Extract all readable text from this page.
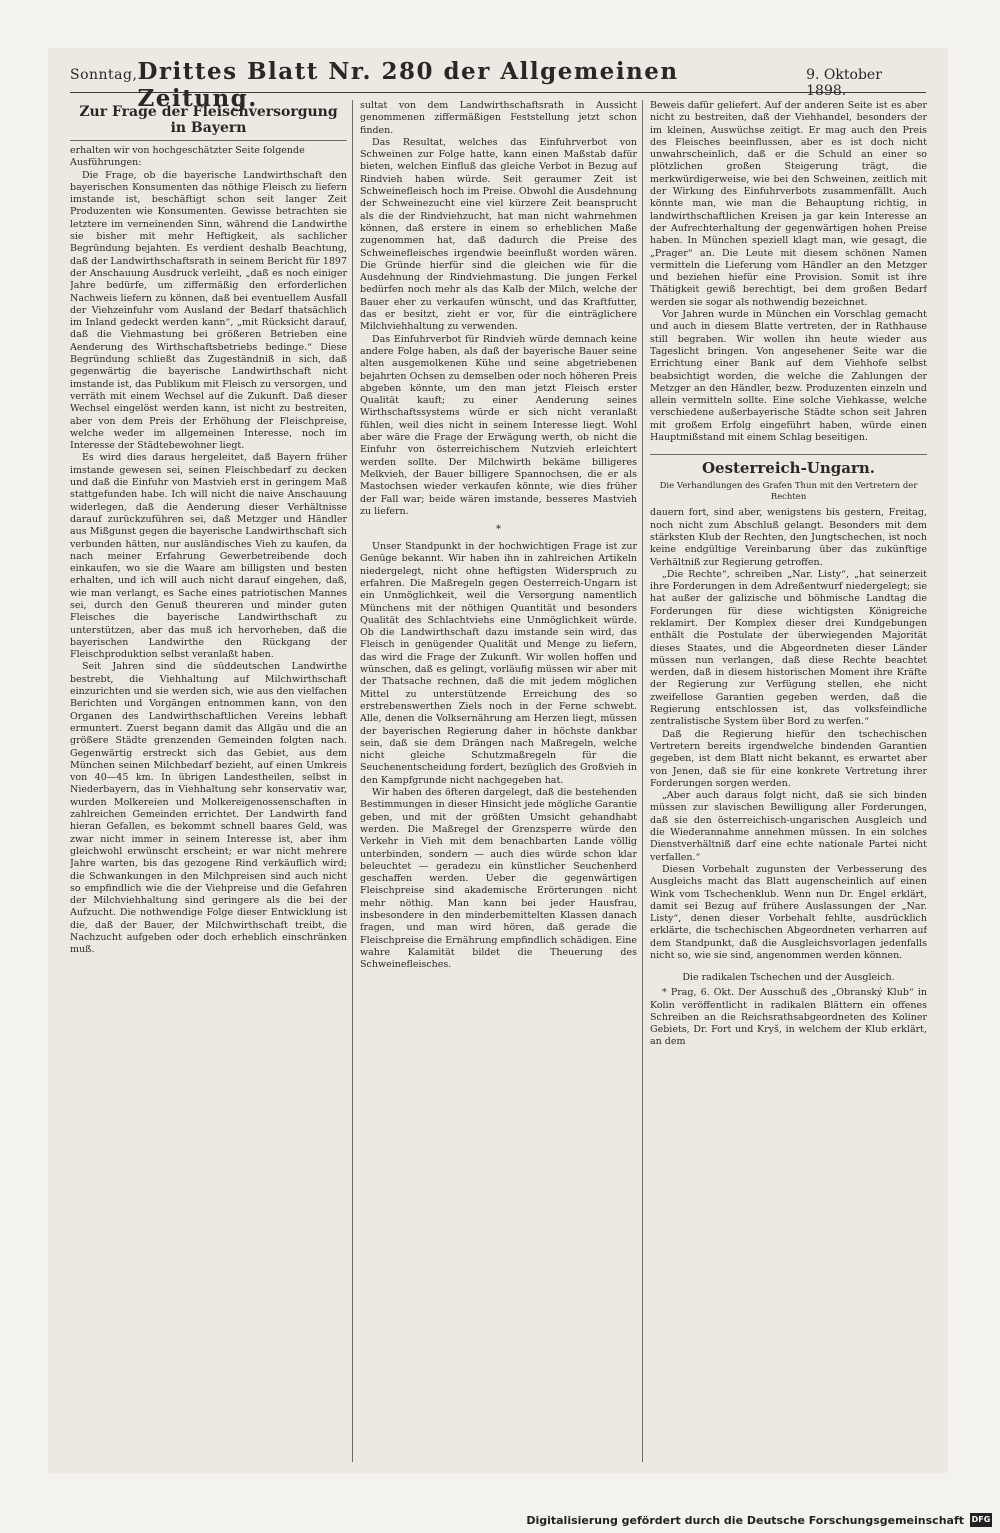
Sonntag, Drittes Blatt Nr. 280 der Allgemeinen Zeitung.
9. Oktober 1898.
Zur Frage der Fleischversorgung in Bayern

erhalten wir von hochgeschätzter Seite folgende Ausführungen:

Die Frage, ob die bayerische Landwirthschaft den bayerischen Konsumenten das nöthige Fleisch zu liefern imstande ist, beschäftigt schon seit langer Zeit Produzenten wie Konsumenten. Gewisse betrachten sie letztere im verneinenden Sinn, während die Landwirthe sie bisher mit mehr Heftigkeit, als sachlicher Begründung bejahten. Es verdient deshalb Beachtung, daß der Landwirthschaftsrath in seinem Bericht für 1897 der Anschauung Ausdruck verleiht, „daß es noch einiger Jahre bedürfe, um ziffermäßig den erforderlichen Nachweis liefern zu können, daß bei eventuellem Ausfall der Viehzeinfuhr vom Ausland der Bedarf thatsächlich im Inland gedeckt werden kann“, „mit Rücksicht darauf, daß die Viehmastung bei größeren Betrieben eine Aenderung des Wirthschaftsbetriebs bedinge.“ Diese Begründung schließt das Zugeständniß in sich, daß gegenwärtig die bayerische Landwirthschaft nicht imstande ist, das Publikum mit Fleisch zu versorgen, und verräth mit einem Wechsel auf die Zukunft. Daß dieser Wechsel eingelöst werden kann, ist nicht zu bestreiten, aber von dem Preis der Erhöhung der Fleischpreise, welche weder im allgemeinen Interesse, noch im Interesse der Städtebewohner liegt.

Es wird dies daraus hergeleitet, daß Bayern früher imstande gewesen sei, seinen Fleischbedarf zu decken und daß die Einfuhr von Mastvieh erst in geringem Maß stattgefunden habe. Ich will nicht die naive Anschauung widerlegen, daß die Aenderung dieser Verhältnisse darauf zurückzuführen sei, daß Metzger und Händler aus Mißgunst gegen die bayerische Landwirthschaft sich verbunden hätten, nur ausländisches Vieh zu kaufen, da nach meiner Erfahrung Gewerbetreibende doch einkaufen, wo sie die Waare am billigsten und besten erhalten, und ich will auch nicht darauf eingehen, daß, wie man verlangt, es Sache eines patriotischen Mannes sei, durch den Genuß theureren und minder guten Fleisches die bayerische Landwirthschaft zu unterstützen, aber das muß ich hervorheben, daß die bayerischen Landwirthe den Rückgang der Fleischproduktion selbst veranlaßt haben.

Seit Jahren sind die süddeutschen Landwirthe bestrebt, die Viehhaltung auf Milchwirthschaft einzurichten und sie werden sich, wie aus den vielfachen Berichten und Vorgängen entnommen kann, von den Organen des Landwirthschaftlichen Vereins lebhaft ermuntert. Zuerst begann damit das Allgäu und die an größere Städte grenzenden Gemeinden folgten nach. Gegenwärtig erstreckt sich das Gebiet, aus dem München seinen Milchbedarf bezieht, auf einen Umkreis von 40—45 km. In übrigen Landestheilen, selbst in Niederbayern, das in Viehhaltung sehr konservativ war, wurden Molkereien und Molkereigenossenschaften in zahlreichen Gemeinden errichtet. Der Landwirth fand hieran Gefallen, es bekommt schnell baares Geld, was zwar nicht immer in seinem Interesse ist, aber ihm gleichwohl erwünscht erscheint; er war nicht mehrere Jahre warten, bis das gezogene Rind verkäuflich wird; die Schwankungen in den Milchpreisen sind auch nicht so empfindlich wie die der Viehpreise und die Gefahren der Milchviehhaltung sind geringere als die bei der Aufzucht. Die nothwendige Folge dieser Entwicklung ist die, daß der Bauer, der Milchwirthschaft treibt, die Nachzucht aufgeben oder doch erheblich einschränken muß.

sultat von dem Landwirthschaftsrath in Aussicht genommenen ziffermäßigen Feststellung jetzt schon finden.

Das Resultat, welches das Einfuhrverbot von Schweinen zur Folge hatte, kann einen Maßstab dafür bieten, welchen Einfluß das gleiche Verbot in Bezug auf Rindvieh haben würde. Seit geraumer Zeit ist Schweinefleisch hoch im Preise. Obwohl die Ausdehnung der Schweinezucht eine viel kürzere Zeit beansprucht als die der Rindviehzucht, hat man nicht wahrnehmen können, daß erstere in einem so erheblichen Maße zugenommen hat, daß dadurch die Preise des Schweinefleisches irgendwie beeinflußt worden wären. Die Gründe hierfür sind die gleichen wie für die Ausdehnung der Rindviehmastung. Die jungen Ferkel bedürfen noch mehr als das Kalb der Milch, welche der Bauer eher zu verkaufen wünscht, und das Kraftfutter, das er besitzt, zieht er vor, für die einträglichere Milchviehhaltung zu verwenden.

Das Einfuhrverbot für Rindvieh würde demnach keine andere Folge haben, als daß der bayerische Bauer seine alten ausgemolkenen Kühe und seine abgetriebenen bejahrten Ochsen zu demselben oder noch höheren Preis abgeben könnte, um den man jetzt Fleisch erster Qualität kauft; zu einer Aenderung seines Wirthschaftssystems würde er sich nicht veranlaßt fühlen, weil dies nicht in seinem Interesse liegt. Wohl aber wäre die Frage der Erwägung werth, ob nicht die Einfuhr von österreichischem Nutzvieh erleichtert werden sollte. Der Milchwirth bekäme billigeres Melkvieh, der Bauer billigere Spannochsen, die er als Mastochsen wieder verkaufen könnte, wie dies früher der Fall war; beide wären imstande, besseres Mastvieh zu liefern.

*

Unser Standpunkt in der hochwichtigen Frage ist zur Genüge bekannt. Wir haben ihn in zahlreichen Artikeln niedergelegt, nicht ohne heftigsten Widerspruch zu erfahren. Die Maßregeln gegen Oesterreich-Ungarn ist ein Unmöglichkeit, weil die Versorgung namentlich Münchens mit der nöthigen Quantität und besonders Qualität des Schlachtviehs eine Unmöglichkeit würde. Ob die Landwirthschaft dazu imstande sein wird, das Fleisch in genügender Qualität und Menge zu liefern, das wird die Frage der Zukunft. Wir wollen hoffen und wünschen, daß es gelingt, vorläufig müssen wir aber mit der Thatsache rechnen, daß die mit jedem möglichen Mittel zu unterstützende Erreichung des so erstrebenswerthen Ziels noch in der Ferne schwebt. Alle, denen die Volksernährung am Herzen liegt, müssen der bayerischen Regierung daher in höchste dankbar sein, daß sie dem Drängen nach Maßregeln, welche nicht gleiche Schutzmaßregeln für die Seuchenentscheidung fordert, bezüglich des Großvieh in den Kampfgrunde nicht nachgegeben hat.

Wir haben des öfteren dargelegt, daß die bestehenden Bestimmungen in dieser Hinsicht jede mögliche Garantie geben, und mit der größten Umsicht gehandhabt werden. Die Maßregel der Grenzsperre würde den Verkehr in Vieh mit dem benachbarten Lande völlig unterbinden, sondern — auch dies würde schon klar beleuchtet — geradezu ein künstlicher Seuchenherd geschaffen werden. Ueber die gegenwärtigen Fleischpreise sind akademische Erörterungen nicht mehr nöthig. Man kann bei jeder Hausfrau, insbesondere in den minderbemittelten Klassen danach fragen, und man wird hören, daß gerade die Fleischpreise die Ernährung empfindlich schädigen. Eine wahre Kalamität bildet die Theuerung des Schweinefleisches.

Beweis dafür geliefert. Auf der anderen Seite ist es aber nicht zu bestreiten, daß der Viehhandel, besonders der im kleinen, Auswüchse zeitigt. Er mag auch den Preis des Fleisches beeinflussen, aber es ist doch nicht unwahrscheinlich, daß er die Schuld an einer so plötzlichen großen Steigerung trägt, die merkwürdigerweise, wie bei den Schweinen, zeitlich mit der Wirkung des Einfuhrverbots zusammenfällt. Auch könnte man, wie man die Behauptung richtig, in landwirthschaftlichen Kreisen ja gar kein Interesse an der Aufrechterhaltung der gegenwärtigen hohen Preise haben. In München speziell klagt man, wie gesagt, die „Prager“ an. Die Leute mit diesem schönen Namen vermitteln die Lieferung vom Händler an den Metzger und beziehen hiefür eine Provision. Somit ist ihre Thätigkeit gewiß berechtigt, bei dem großen Bedarf werden sie sogar als nothwendig bezeichnet.

Vor Jahren wurde in München ein Vorschlag gemacht und auch in diesem Blatte vertreten, der in Rathhause still begraben. Wir wollen ihn heute wieder aus Tageslicht bringen. Von angesehener Seite war die Errichtung einer Bank auf dem Viehhofe selbst beabsichtigt worden, die welche die Zahlungen der Metzger an den Händler, bezw. Produzenten einzeln und allein vermitteln sollte. Eine solche Viehkasse, welche verschiedene außerbayerische Städte schon seit Jahren mit großem Erfolg eingeführt haben, würde einen Hauptmißstand mit einem Schlag beseitigen.

Oesterreich-Ungarn.
Die Verhandlungen des Grafen Thun mit den Vertretern der Rechten

dauern fort, sind aber, wenigstens bis gestern, Freitag, noch nicht zum Abschluß gelangt. Besonders mit dem stärksten Klub der Rechten, den Jungtschechen, ist noch keine endgültige Vereinbarung über das zukünftige Verhältniß zur Regierung getroffen.

„Die Rechte“, schreiben „Nar. Listy“, „hat seinerzeit ihre Forderungen in dem Adreßentwurf niedergelegt; sie hat außer der galizische und böhmische Landtag die Forderungen für diese wichtigsten Königreiche reklamirt. Der Komplex dieser drei Kundgebungen enthält die Postulate der überwiegenden Majorität dieses Staates, und die Abgeordneten dieser Länder müssen nun verlangen, daß diese Rechte beachtet werden, daß in diesem historischen Moment ihre Kräfte der Regierung zur Verfügung stellen, ehe nicht zweifellose Garantien gegeben werden, daß die Regierung entschlossen ist, das volksfeindliche zentralistische System über Bord zu werfen.“

Daß die Regierung hiefür den tschechischen Vertretern bereits irgendwelche bindenden Garantien gegeben, ist dem Blatt nicht bekannt, es erwartet aber von Jenen, daß sie für eine konkrete Vertretung ihrer Forderungen sorgen werden.

„Aber auch daraus folgt nicht, daß sie sich binden müssen zur slavischen Bewilligung aller Forderungen, daß sie den österreichisch-ungarischen Ausgleich und die Wiederannahme annehmen müssen. In ein solches Dienstverhältniß darf eine echte nationale Partei nicht verfallen.“

Diesen Vorbehalt zugunsten der Verbesserung des Ausgleichs macht das Blatt augenscheinlich auf einen Wink vom Tschechenklub. Wenn nun Dr. Engel erklärt, damit sei Bezug auf frühere Auslassungen der „Nar. Listy“, denen dieser Vorbehalt fehlte, ausdrücklich erklärte, die tschechischen Abgeordneten verharren auf dem Standpunkt, daß die Ausgleichsvorlagen jedenfalls nicht so, wie sie sind, angenommen werden können.

Die radikalen Tschechen und der Ausgleich.

* Prag, 6. Okt. Der Ausschuß des „Obranský Klub“ in Kolin veröffentlicht in radikalen Blättern ein offenes Schreiben an die Reichsrathsabgeordneten des Koliner Gebiets, Dr. Fort und Kryš, in welchem der Klub erklärt, an dem

Digitalisierung gefördert durch die Deutsche Forschungsgemeinschaft DFG
